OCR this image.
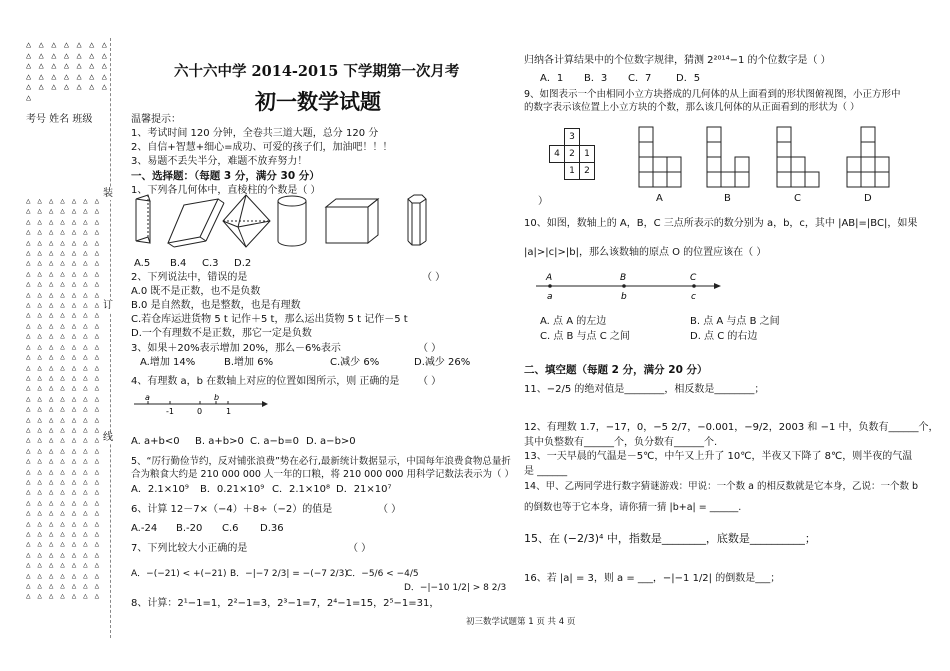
△ △ △ △ △ △ △
△ △ △ △ △ △ △
△ △ △ △ △ △ △
△ △ △ △ △ △ △
△ △ △ △ △ △ △
△
考号 姓名 班级
△ △ △ △ △ △ △
△ △ △ △ △ △ △
△ △ △ △ △ △ △
△ △ △ △ △ △ △
△ △ △ △ △ △ △
△ △ △ △ △ △ △
△ △ △ △ △ △ △
△ △ △ △ △ △ △
△ △ △ △ △ △ △
△ △ △ △ △ △ △
△ △ △ △ △ △ △
△ △ △ △ △ △ △
△ △ △ △ △ △ △
△ △ △ △ △ △ △
△ △ △ △ △ △ △
△ △ △ △ △ △ △
△ △ △ △ △ △ △
△ △ △ △ △ △ △
△ △ △ △ △ △ △
△ △ △ △ △ △ △
△ △ △ △ △ △ △
△ △ △ △ △ △ △
△ △ △ △ △ △ △
△ △ △ △ △ △ △
△ △ △ △ △ △ △
△ △ △ △ △ △ △
△ △ △ △ △ △ △
△ △ △ △ △ △ △
△ △ △ △ △ △ △
△ △ △ △ △ △ △
△ △ △ △ △ △ △
△ △ △ △ △ △ △
△ △ △ △ △ △ △
△ △ △ △ △ △ △
△ △ △ △ △ △ △
△ △ △ △ △ △ △
△ △ △ △ △ △ △
△ △ △ △ △ △ △
△ △ △ △ △ △ △
装
订
线
六十六中学 2014-2015 下学期第一次月考
初一数学试题
温馨提示：
1、考试时间 120 分钟，全卷共三道大题，总分 120 分
2、自信+智慧+细心=成功、可爱的孩子们，加油吧！！！
3、易题不丢失半分，难题不放弃努力！
一、选择题：（每题 3 分，满分 30 分）
1、下列各几何体中，直棱柱的个数是（ ）
A.5 B.4 C.3 D.2
2、下列说法中，错误的是	（ ）
A.0 既不是正数，也不是负数
B.0 是自然数，也是整数，也是有理数
C.若仓库运进货物 5 t 记作＋5 t，那么运出货物 5 t 记作－5 t
D.一个有理数不是正数，那它一定是负数
3、如果＋20%表示增加 20%，那么－6%表示	（ ）
A.增加 14%	B.增加 6%	C.减少 6%	D.减少 26%
4、有理数 a，b 在数轴上对应的位置如图所示，则 正确的是 （ ）
a
-1	0
b
1
A. a+b<0 B. a+b>0 C. a−b=0 D. a−b>0
5、“厉行勤俭节约，反对铺张浪费”势在必行,最新统计数据显示，中国每年浪费食物总量折
合为粮食大约是 210 000 000 人一年的口粮，将 210 000 000 用科学记数法表示为（ ）
A．2.1×10⁹ B．0.21×10⁹ C．2.1×10⁸ D．21×10⁷
6、计算 12－7×（−4）＋8÷（−2）的值是	（ ）
A.-24 B.-20 C.6 D.36
7、下列比较大小正确的是	（ ）
A．−(−21) < +(−21) B．−|−7 2/3| = −(−7 2/3)
C．−5/6 < −4/5
D．−|−10 1/2| > 8 2/3
8、计算：2¹−1=1，2²−1=3，2³−1=7，2⁴−1=15，2⁵−1=31，
归纳各计算结果中的个位数字规律，猜测 2²⁰¹⁴−1 的个位数字是（ ）
A．1 B．3 C．7 D．5
9、如图表示一个由相同小立方块搭成的几何体的从上面看到的形状图俯视图，小正方形中
的数字表示该位置上小立方块的个数，那么该几何体的从正面看到的形状为（ ）
	3	
4	2	1
	1	2
）	A	B	C	D
10、如图，数轴上的 A，B，C 三点所表示的数分别为 a，b，c，其中 |AB|=|BC|，如果
|a|>|c|>|b|，那么该数轴的原点 O 的位置应该在（ ）
A	B	C
a	b	c
A. 点 A 的左边	B. 点 A 与点 B 之间
C. 点 B 与点 C 之间	D. 点 C 的右边
二、填空题（每题 2 分，满分 20 分）
11、−2/5 的绝对值是________，相反数是________；
12、有理数 1.7，−17，0，−5 2/7，−0.001，−9/2，2003 和 −1 中，负数有______个，
其中负整数有______个，负分数有______个.
13、一天早晨的气温是－5℃，中午又上升了 10℃，半夜又下降了 8℃，则半夜的气温
是 ______
14、甲、乙两同学进行数字猜谜游戏：甲说：一个数 a 的相反数就是它本身，乙说：一个数 b
的倒数也等于它本身，请你猜一猜 |b+a| = ______.
15、在 (−2/3)⁴ 中，指数是________，底数是__________；
16、若 |a| = 3，则 a = ___，−|−1 1/2| 的倒数是___；
初三数学试题第 1 页 共 4 页
